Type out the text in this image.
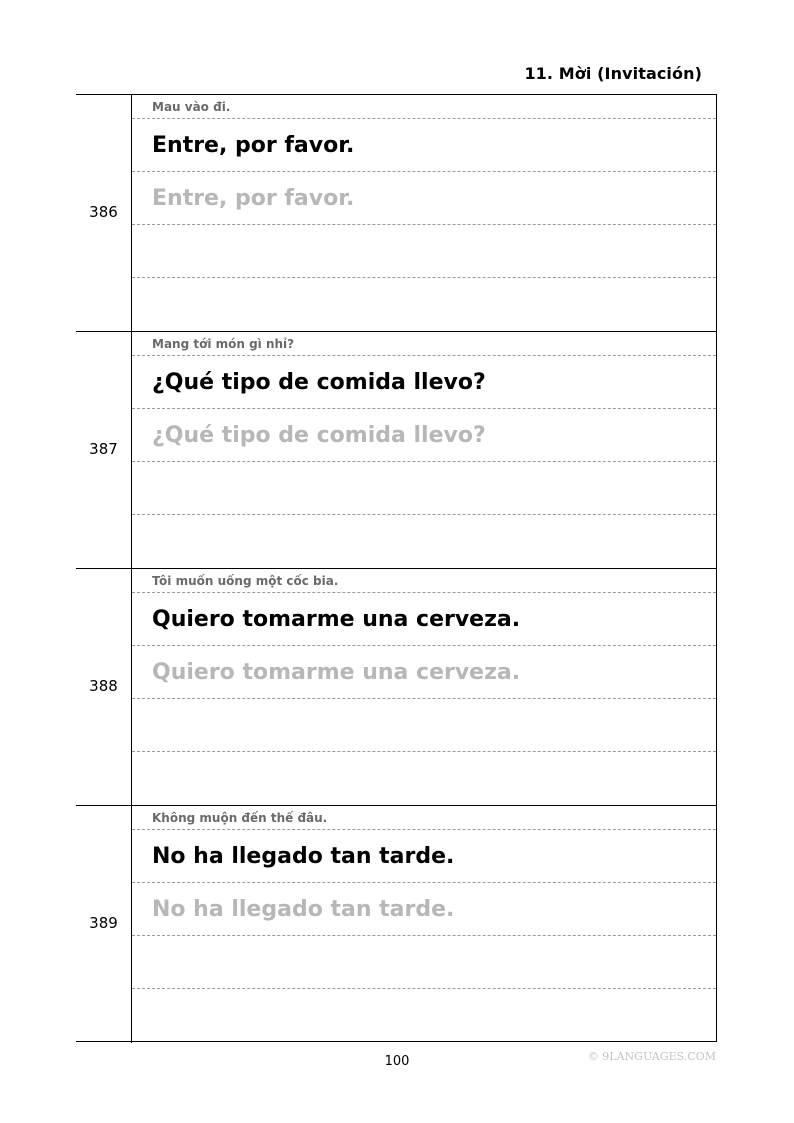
11. Mời (Invitación)
386
Mau vào đi.
Entre, por favor.
Entre, por favor.
387
Mang tới món gì nhỉ?
¿Qué tipo de comida llevo?
¿Qué tipo de comida llevo?
388
Tôi muốn uống một cốc bia.
Quiero tomarme una cerveza.
Quiero tomarme una cerveza.
389
Không muộn đến thế đâu.
No ha llegado tan tarde.
No ha llegado tan tarde.
100	© 9LANGUAGES.COM
